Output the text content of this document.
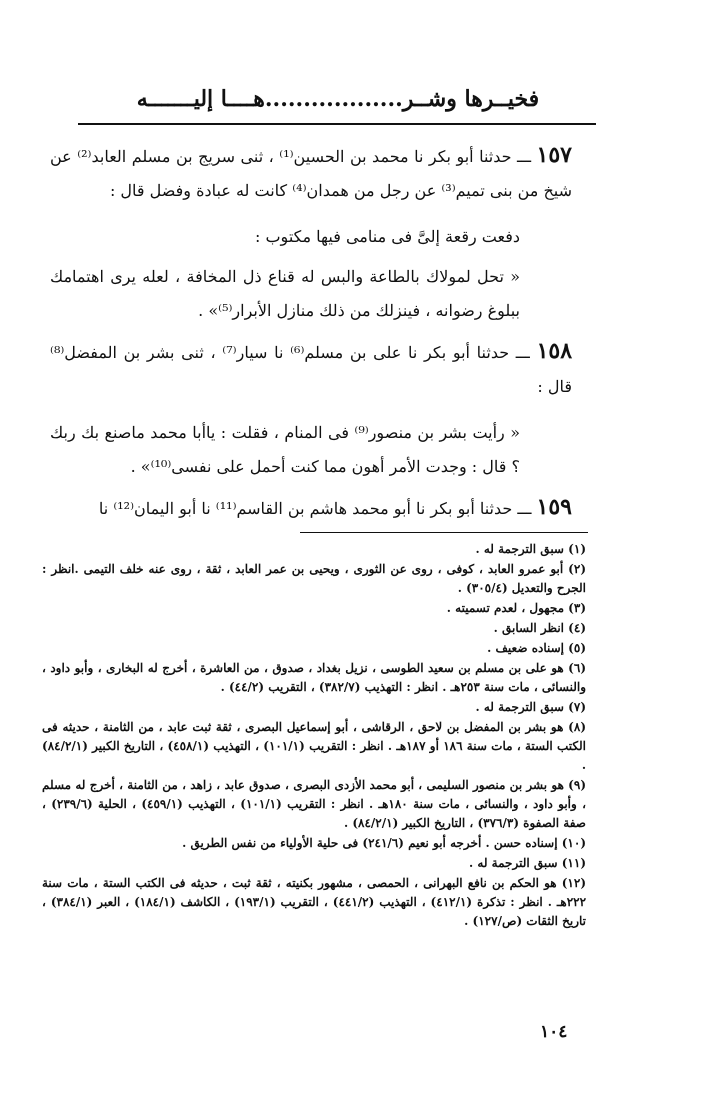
فخيــرها وشــر..................هــــا إليـــــــه

١٥٧ ـــ حدثنا أبو بكر نا محمد بن الحسين⁽¹⁾ ، ثنى سريج بن مسلم العابد⁽²⁾ عن شيخ من بنى تميم⁽³⁾ عن رجل من همدان⁽⁴⁾ كانت له عبادة وفضل قال :

دفعت رقعة إلىَّ فى منامى فيها مكتوب :

« تحل لمولاك بالطاعة والبس له قناع ذل المخافة ، لعله يرى اهتمامك ببلوغ رضوانه ، فينزلك من ذلك منازل الأبرار⁽⁵⁾» .

١٥٨ ـــ حدثنا أبو بكر نا على بن مسلم⁽⁶⁾ نا سيار⁽⁷⁾ ، ثنى بشر بن المفضل⁽⁸⁾ قال :

« رأيت بشر بن منصور⁽⁹⁾ فى المنام ، فقلت : ياأبا محمد ماصنع بك ربك ؟ قال : وجدت الأمر أهون مما كنت أحمل على نفسى⁽¹⁰⁾» .

١٥٩ ـــ حدثنا أبو بكر نا أبو محمد هاشم بن القاسم⁽¹¹⁾ نا أبو اليمان⁽¹²⁾ نا

(١) سبق الترجمة له .

(٢) أبو عمرو العابد ، كوفى ، روى عن الثورى ، ويحيى بن عمر العابد ، ثقة ، روى عنه خلف التيمى .انظر : الجرح والتعديل (٣٠٥/٤) .

(٣) مجهول ، لعدم تسميته .

(٤) انظر السابق .

(٥) إسناده ضعيف .

(٦) هو على بن مسلم بن سعيد الطوسى ، نزيل بغداد ، صدوق ، من العاشرة ، أخرج له البخارى ، وأبو داود ، والنسائى ، مات سنة ٢٥٣هـ . انظر : التهذيب (٣٨٢/٧) ، التقريب (٤٤/٢) .

(٧) سبق الترجمة له .

(٨) هو بشر بن المفضل بن لاحق ، الرقاشى ، أبو إسماعيل البصرى ، ثقة ثبت عابد ، من الثامنة ، حديثه فى الكتب الستة ، مات سنة ١٨٦ أو ١٨٧هـ . انظر : التقريب (١٠١/١) ، التهذيب (٤٥٨/١) ، التاريخ الكبير (٨٤/٢/١) .

(٩) هو بشر بن منصور السليمى ، أبو محمد الأزدى البصرى ، صدوق عابد ، زاهد ، من الثامنة ، أخرج له مسلم ، وأبو داود ، والنسائى ، مات سنة ١٨٠هـ . انظر : التقريب (١٠١/١) ، التهذيب (٤٥٩/١) ، الحلية (٢٣٩/٦) ، صفة الصفوة (٣٧٦/٣) ، التاريخ الكبير (٨٤/٢/١) .

(١٠) إسناده حسن . أخرجه أبو نعيم (٢٤١/٦) فى حلية الأولياء من نفس الطريق .

(١١) سبق الترجمة له .

(١٢) هو الحكم بن نافع البهرانى ، الحمصى ، مشهور بكنيته ، ثقة ثبت ، حديثه فى الكتب الستة ، مات سنة ٢٢٢هـ . انظر : تذكرة (٤١٢/١) ، التهذيب (٤٤١/٢) ، التقريب (١٩٣/١) ، الكاشف (١٨٤/١) ، العبر (٣٨٤/١) ، تاريخ الثقات (ص/١٢٧) .

١٠٤
